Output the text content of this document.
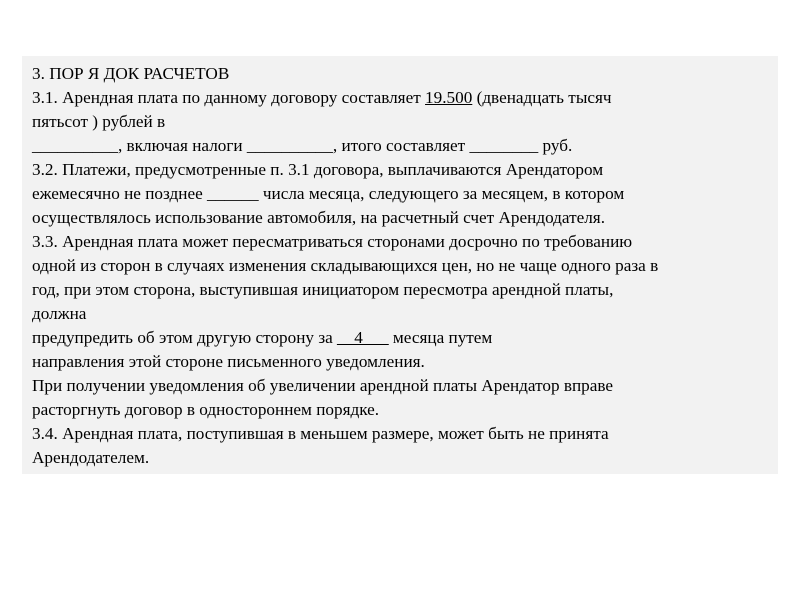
3. ПОР Я ДОК РАСЧЕТОВ
3.1. Арендная плата по данному договору составляет 19.500 (двенадцать тысяч
пятьсот ) рублей в
__________, включая налоги __________, итого составляет ________ руб.
3.2. Платежи, предусмотренные п. 3.1 договора, выплачиваются Арендатором
ежемесячно не позднее ______ числа месяца, следующего за месяцем, в котором
осуществлялось использование автомобиля, на расчетный счет Арендодателя.
3.3. Арендная плата может пересматриваться сторонами досрочно по требованию
одной из сторон в случаях изменения складывающихся цен, но не чаще одного раза в
год, при этом сторона, выступившая инициатором пересмотра арендной платы,
должна
предупредить об этом другую сторону за __4___ месяца путем
направления этой стороне письменного уведомления.
При получении уведомления об увеличении арендной платы Арендатор вправе
расторгнуть договор в одностороннем порядке.
3.4. Арендная плата, поступившая в меньшем размере, может быть не принята
Арендодателем.
